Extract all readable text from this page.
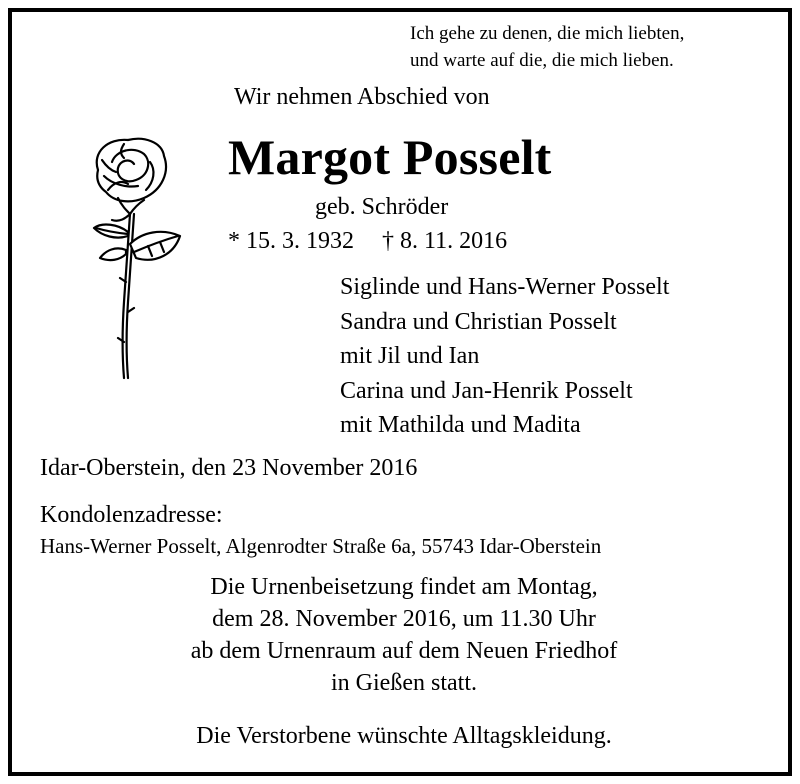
Ich gehe zu denen, die mich liebten,
und warte auf die, die mich lieben.
Wir nehmen Abschied von
Margot Posselt
geb. Schröder
* 15. 3. 1932 † 8. 11. 2016
Siglinde und Hans-Werner Posselt
Sandra und Christian Posselt
mit Jil und Ian
Carina und Jan-Henrik Posselt
mit Mathilda und Madita
Idar-Oberstein, den 23 November 2016
Kondolenzadresse:
Hans-Werner Posselt, Algenrodter Straße 6a, 55743 Idar-Oberstein
Die Urnenbeisetzung findet am Montag,
dem 28. November 2016, um 11.30 Uhr
ab dem Urnenraum auf dem Neuen Friedhof
in Gießen statt.
Die Verstorbene wünschte Alltagskleidung.
